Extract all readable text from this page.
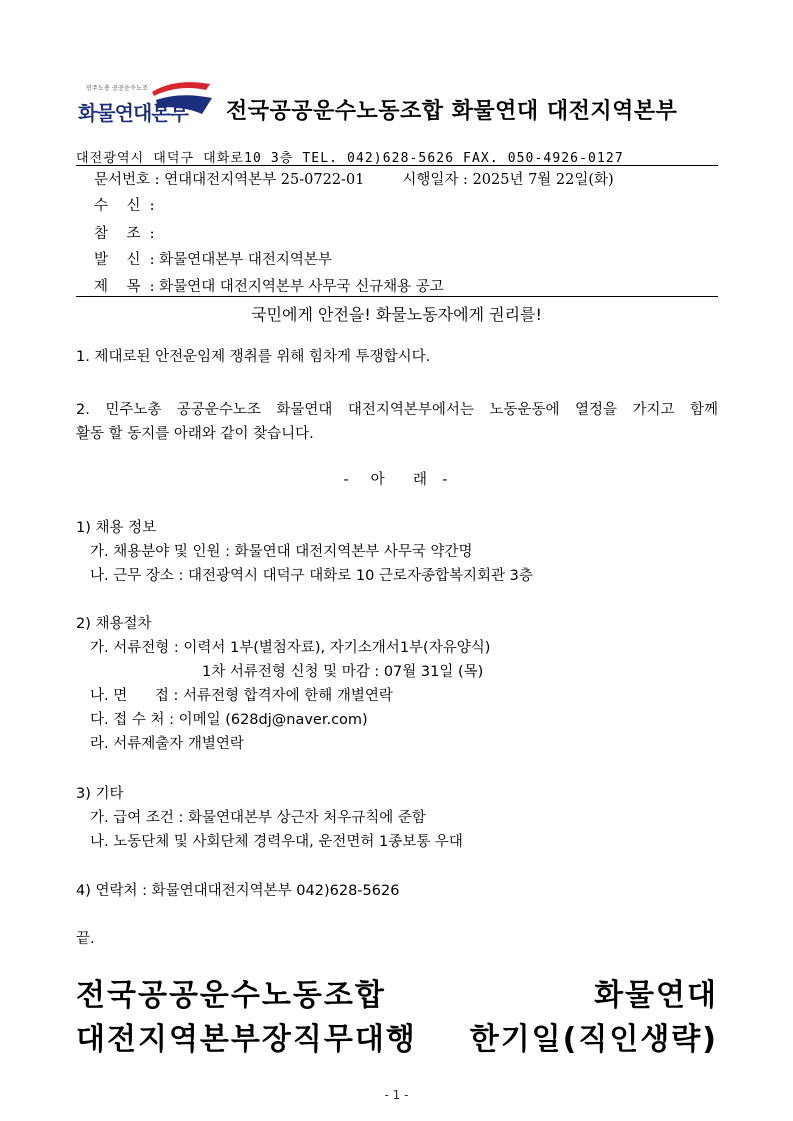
민주노총 공공운수노조
화물연대본부 전국공공운수노동조합 화물연대 대전지역본부
대전광역시 대덕구 대화로10 3층 TEL. 042)628-5626 FAX. 050-4926-0127
문서번호 : 연대대전지역본부 25-0722-01	시행일자 : 2025년 7월 22일(화)
수    신  :
참    조  :
발    신  : 화물연대본부 대전지역본부
제    목  : 화물연대 대전지역본부 사무국 신규채용 공고
국민에게 안전을! 화물노동자에게 권리를!
1. 제대로된 안전운임제 쟁취를 위해 힘차게 투쟁합시다.
2. 민주노총 공공운수노조 화물연대 대전지역본부에서는 노동운동에 열정을 가지고 함께
활동 할 동지를 아래와 같이 찾습니다.
-   아    래  -
1) 채용 정보
가. 채용분야 및 인원 : 화물연대 대전지역본부 사무국 약간명
나. 근무 장소 : 대전광역시 대덕구 대화로 10 근로자종합복지회관 3층
2) 채용절차
가. 서류전형 : 이력서 1부(별첨자료), 자기소개서1부(자유양식)
1차 서류전형 신청 및 마감 : 07월 31일 (목)
나. 면      접 : 서류전형 합격자에 한해 개별연락
다. 접 수 처 : 이메일 (628dj@naver.com)
라. 서류제출자 개별연락
3) 기타
가. 급여 조건 : 화물연대본부 상근자 처우규칙에 준함
나. 노동단체 및 사회단체 경력우대, 운전면허 1종보통 우대
4) 연락처 : 화물연대대전지역본부 042)628-5626
끝.
전국공공운수노동조합 화물연대
대전지역본부장직무대행 한기일(직인생략)
- 1 -
